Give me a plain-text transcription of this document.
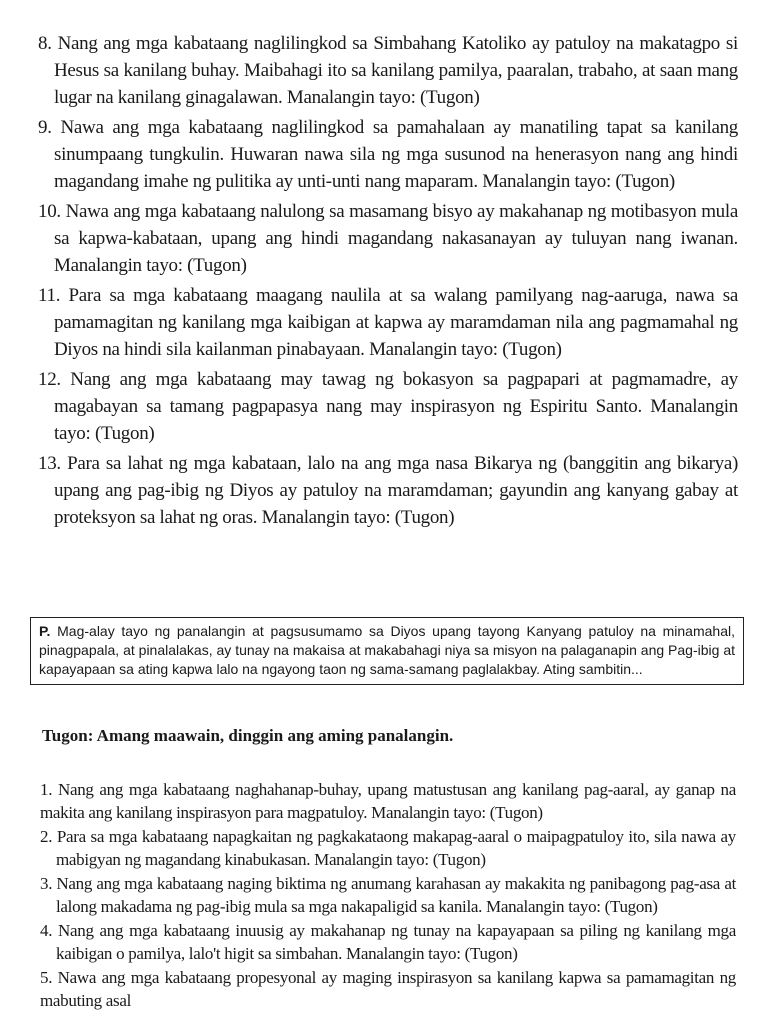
8. Nang ang mga kabataang naglilingkod sa Simbahang Katoliko ay patuloy na makatagpo si Hesus sa kanilang buhay. Maibahagi ito sa kanilang pamilya, paaralan, trabaho, at saan mang lugar na kanilang ginagalawan. Manalangin tayo: (Tugon)

9. Nawa ang mga kabataang naglilingkod sa pamahalaan ay manatiling tapat sa kanilang sinumpaang tungkulin. Huwaran nawa sila ng mga susunod na henerasyon nang ang hindi magandang imahe ng pulitika ay unti-unti nang maparam. Manalangin tayo: (Tugon)

10. Nawa ang mga kabataang nalulong sa masamang bisyo ay makahanap ng motibasyon mula sa kapwa-kabataan, upang ang hindi magandang nakasanayan ay tuluyan nang iwanan. Manalangin tayo: (Tugon)

11. Para sa mga kabataang maagang naulila at sa walang pamilyang nag-aaruga, nawa sa pamamagitan ng kanilang mga kaibigan at kapwa ay maramdaman nila ang pagmamahal ng Diyos na hindi sila kailanman pinabayaan. Manalangin tayo: (Tugon)

12. Nang ang mga kabataang may tawag ng bokasyon sa pagpapari at pagmamadre, ay magabayan sa tamang pagpapasya nang may inspirasyon ng Espiritu Santo. Manalangin tayo: (Tugon)

13. Para sa lahat ng mga kabataan, lalo na ang mga nasa Bikarya ng (banggitin ang bikarya) upang ang pag-ibig ng Diyos ay patuloy na maramdaman; gayundin ang kanyang gabay at proteksyon sa lahat ng oras. Manalangin tayo: (Tugon)

P. Mag-alay tayo ng panalangin at pagsusumamo sa Diyos upang tayong Kanyang patuloy na minamahal, pinagpapala, at pinalalakas, ay tunay na makaisa at makabahagi niya sa misyon na palaganapin ang Pag-ibig at kapayapaan sa ating kapwa lalo na ngayong taon ng sama-samang paglalakbay. Ating sambitin...
Tugon: Amang maawain, dinggin ang aming panalangin.

1. Nang ang mga kabataang naghahanap-buhay, upang matustusan ang kanilang pag-aaral, ay ganap na makita ang kanilang inspirasyon para magpatuloy. Manalangin tayo: (Tugon)

2. Para sa mga kabataang napagkaitan ng pagkakataong makapag-aaral o maipagpatuloy ito, sila nawa ay mabigyan ng magandang kinabukasan. Manalangin tayo: (Tugon)

3. Nang ang mga kabataang naging biktima ng anumang karahasan ay makakita ng panibagong pag-asa at lalong makadama ng pag-ibig mula sa mga nakapaligid sa kanila. Manalangin tayo: (Tugon)

4. Nang ang mga kabataang inuusig ay makahanap ng tunay na kapayapaan sa piling ng kanilang mga kaibigan o pamilya, lalo't higit sa simbahan. Manalangin tayo: (Tugon)

5. Nawa ang mga kabataang propesyonal ay maging inspirasyon sa kanilang kapwa sa pamamagitan ng mabuting asal
